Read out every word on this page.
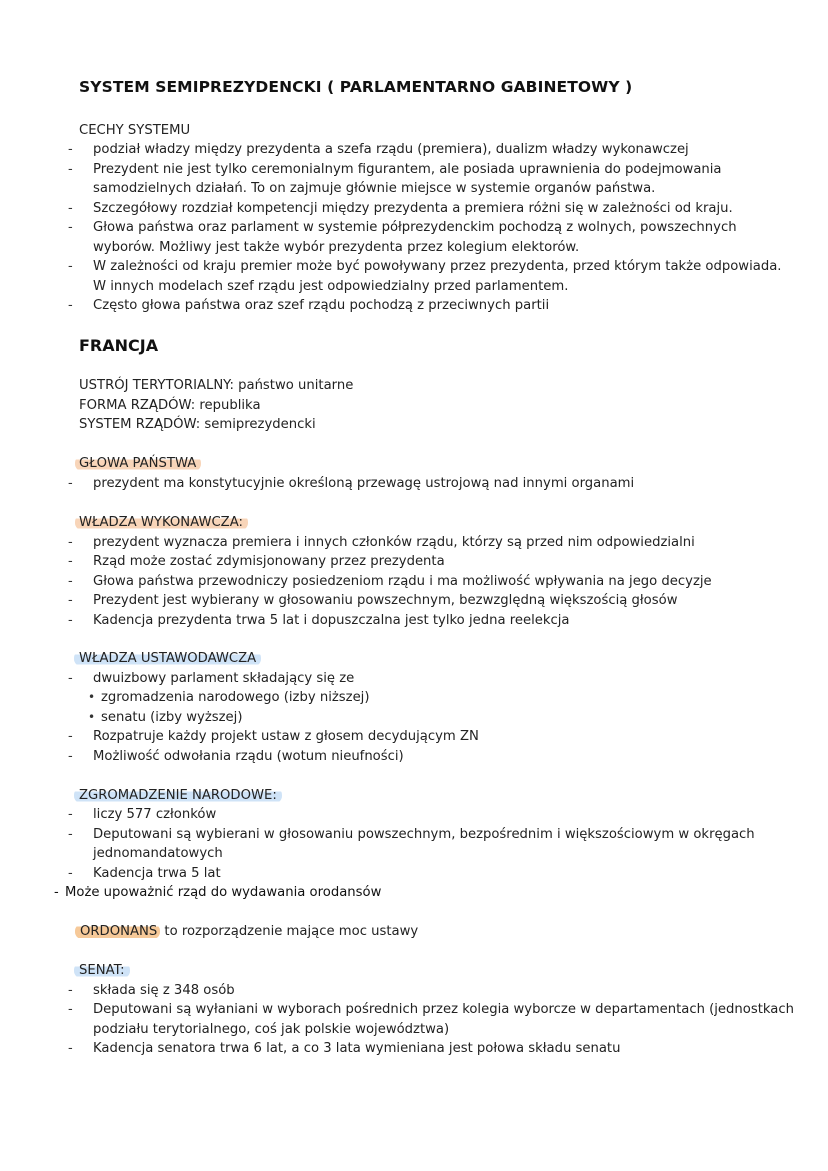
SYSTEM SEMIPREZYDENCKI ( PARLAMENTARNO GABINETOWY )
CECHY SYSTEMU
- podział władzy między prezydenta a szefa rządu (premiera), dualizm władzy wykonawczej
- Prezydent nie jest tylko ceremonialnym figurantem, ale posiada uprawnienia do podejmowania
samodzielnych działań. To on zajmuje głównie miejsce w systemie organów państwa.
- Szczegółowy rozdział kompetencji między prezydenta a premiera różni się w zależności od kraju.
- Głowa państwa oraz parlament w systemie półprezydenckim pochodzą z wolnych, powszechnych
wyborów. Możliwy jest także wybór prezydenta przez kolegium elektorów.
- W zależności od kraju premier może być powoływany przez prezydenta, przed którym także odpowiada.
W innych modelach szef rządu jest odpowiedzialny przed parlamentem.
- Często głowa państwa oraz szef rządu pochodzą z przeciwnych partii
FRANCJA
USTRÓJ TERYTORIALNY: państwo unitarne
FORMA RZĄDÓW: republika
SYSTEM RZĄDÓW: semiprezydencki
GŁOWA PAŃSTWA
- prezydent ma konstytucyjnie określoną przewagę ustrojową nad innymi organami
WŁADZA WYKONAWCZA:
- prezydent wyznacza premiera i innych członków rządu, którzy są przed nim odpowiedzialni
- Rząd może zostać zdymisjonowany przez prezydenta
- Głowa państwa przewodniczy posiedzeniom rządu i ma możliwość wpływania na jego decyzje
- Prezydent jest wybierany w głosowaniu powszechnym, bezwzględną większością głosów
- Kadencja prezydenta trwa 5 lat i dopuszczalna jest tylko jedna reelekcja
WŁADZA USTAWODAWCZA
- dwuizbowy parlament składający się ze
• zgromadzenia narodowego (izby niższej)
• senatu (izby wyższej)
- Rozpatruje każdy projekt ustaw z głosem decydującym ZN
- Możliwość odwołania rządu (wotum nieufności)
ZGROMADZENIE NARODOWE:
- liczy 577 członków
- Deputowani są wybierani w głosowaniu powszechnym, bezpośrednim i większościowym w okręgach
jednomandatowych
- Kadencja trwa 5 lat
- Może upoważnić rząd do wydawania orodansów
ORDONANS to rozporządzenie mające moc ustawy
SENAT:
- składa się z 348 osób
- Deputowani są wyłaniani w wyborach pośrednich przez kolegia wyborcze w departamentach (jednostkach
podziału terytorialnego, coś jak polskie województwa)
- Kadencja senatora trwa 6 lat, a co 3 lata wymieniana jest połowa składu senatu
